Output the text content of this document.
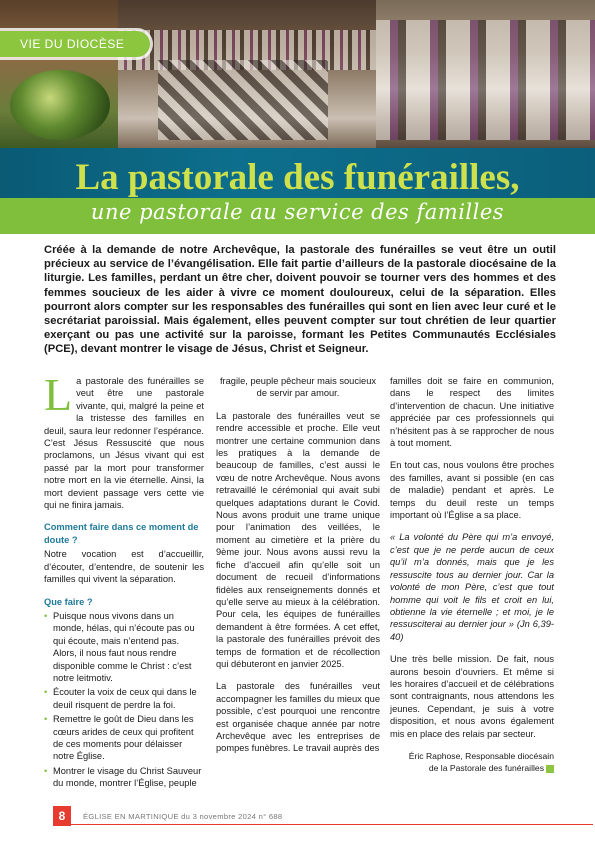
VIE DU DIOCÈSE
La pastorale des funérailles,
une pastorale au service des familles
Créée à la demande de notre Archevêque, la pastorale des funérailles se veut être un outil précieux au service de l’évangélisation. Elle fait partie d’ailleurs de la pastorale diocésaine de la liturgie. Les familles, perdant un être cher, doivent pouvoir se tourner vers des hommes et des femmes soucieux de les aider à vivre ce moment douloureux, celui de la séparation. Elles pourront alors compter sur les responsables des funérailles qui sont en lien avec leur curé et le secrétariat paroissial. Mais également, elles peuvent compter sur tout chrétien de leur quartier exerçant ou pas une activité sur la paroisse, formant les Petites Communautés Ecclésiales (PCE), devant montrer le visage de Jésus, Christ et Seigneur.

La pastorale des funérailles se veut être une pastorale vivante, qui, malgré la peine et la tristesse des familles en deuil, saura leur redonner l’espérance. C’est Jésus Ressuscité que nous proclamons, un Jésus vivant qui est passé par la mort pour transformer notre mort en la vie éternelle. Ainsi, la mort devient passage vers cette vie qui ne finira jamais.

Comment faire dans ce moment de doute ?

Notre vocation est d’accueillir, d’écouter, d’entendre, de soutenir les familles qui vivent la séparation.

Que faire ?
• Puisque nous vivons dans un monde, hélas, qui n’écoute pas ou qui écoute, mais n’entend pas. Alors, il nous faut nous rendre disponible comme le Christ : c’est notre leitmotiv.
• Écouter la voix de ceux qui dans le deuil risquent de perdre la foi.
• Remettre le goût de Dieu dans les cœurs arides de ceux qui profitent de ces moments pour délaisser notre Église.
• Montrer le visage du Christ Sauveur du monde, montrer l’Église, peuple

fragile, peuple pêcheur mais soucieux de servir par amour.

La pastorale des funérailles veut se rendre accessible et proche. Elle veut montrer une certaine communion dans les pratiques à la demande de beaucoup de familles, c’est aussi le vœu de notre Archevêque. Nous avons retravaillé le cérémonial qui avait subi quelques adaptations durant le Covid. Nous avons produit une trame unique pour l’animation des veillées, le moment au cimetière et la prière du 9ème jour. Nous avons aussi revu la fiche d’accueil afin qu’elle soit un document de recueil d’informations fidèles aux renseignements donnés et qu’elle serve au mieux à la célébration. Pour cela, les équipes de funérailles demandent à être formées. A cet effet, la pastorale des funérailles prévoit des temps de formation et de récollection qui débuteront en janvier 2025.

La pastorale des funérailles veut accompagner les familles du mieux que possible, c’est pourquoi une rencontre est organisée chaque année par notre Archevêque avec les entreprises de pompes funèbres. Le travail auprès des

familles doit se faire en communion, dans le respect des limites d’intervention de chacun. Une initiative appréciée par ces professionnels qui n’hésitent pas à se rapprocher de nous à tout moment.

En tout cas, nous voulons être proches des familles, avant si possible (en cas de maladie) pendant et après. Le temps du deuil reste un temps important où l’Église a sa place.

« La volonté du Père qui m’a envoyé, c’est que je ne perde aucun de ceux qu’il m’a donnés, mais que je les ressuscite tous au dernier jour. Car la volonté de mon Père, c’est que tout homme qui voit le fils et croit en lui, obtienne la vie éternelle ; et moi, je le ressusciterai au dernier jour » (Jn 6,39-40)

Une très belle mission. De fait, nous aurons besoin d’ouvriers. Et même si les horaires d’accueil et de célébrations sont contraignants, nous attendons les jeunes. Cependant, je suis à votre disposition, et nous avons également mis en place des relais par secteur.

Éric Raphose, Responsable diocésain
de la Pastorale des funérailles
8	ÉGLISE EN MARTINIQUE du 3 novembre 2024 n° 688
